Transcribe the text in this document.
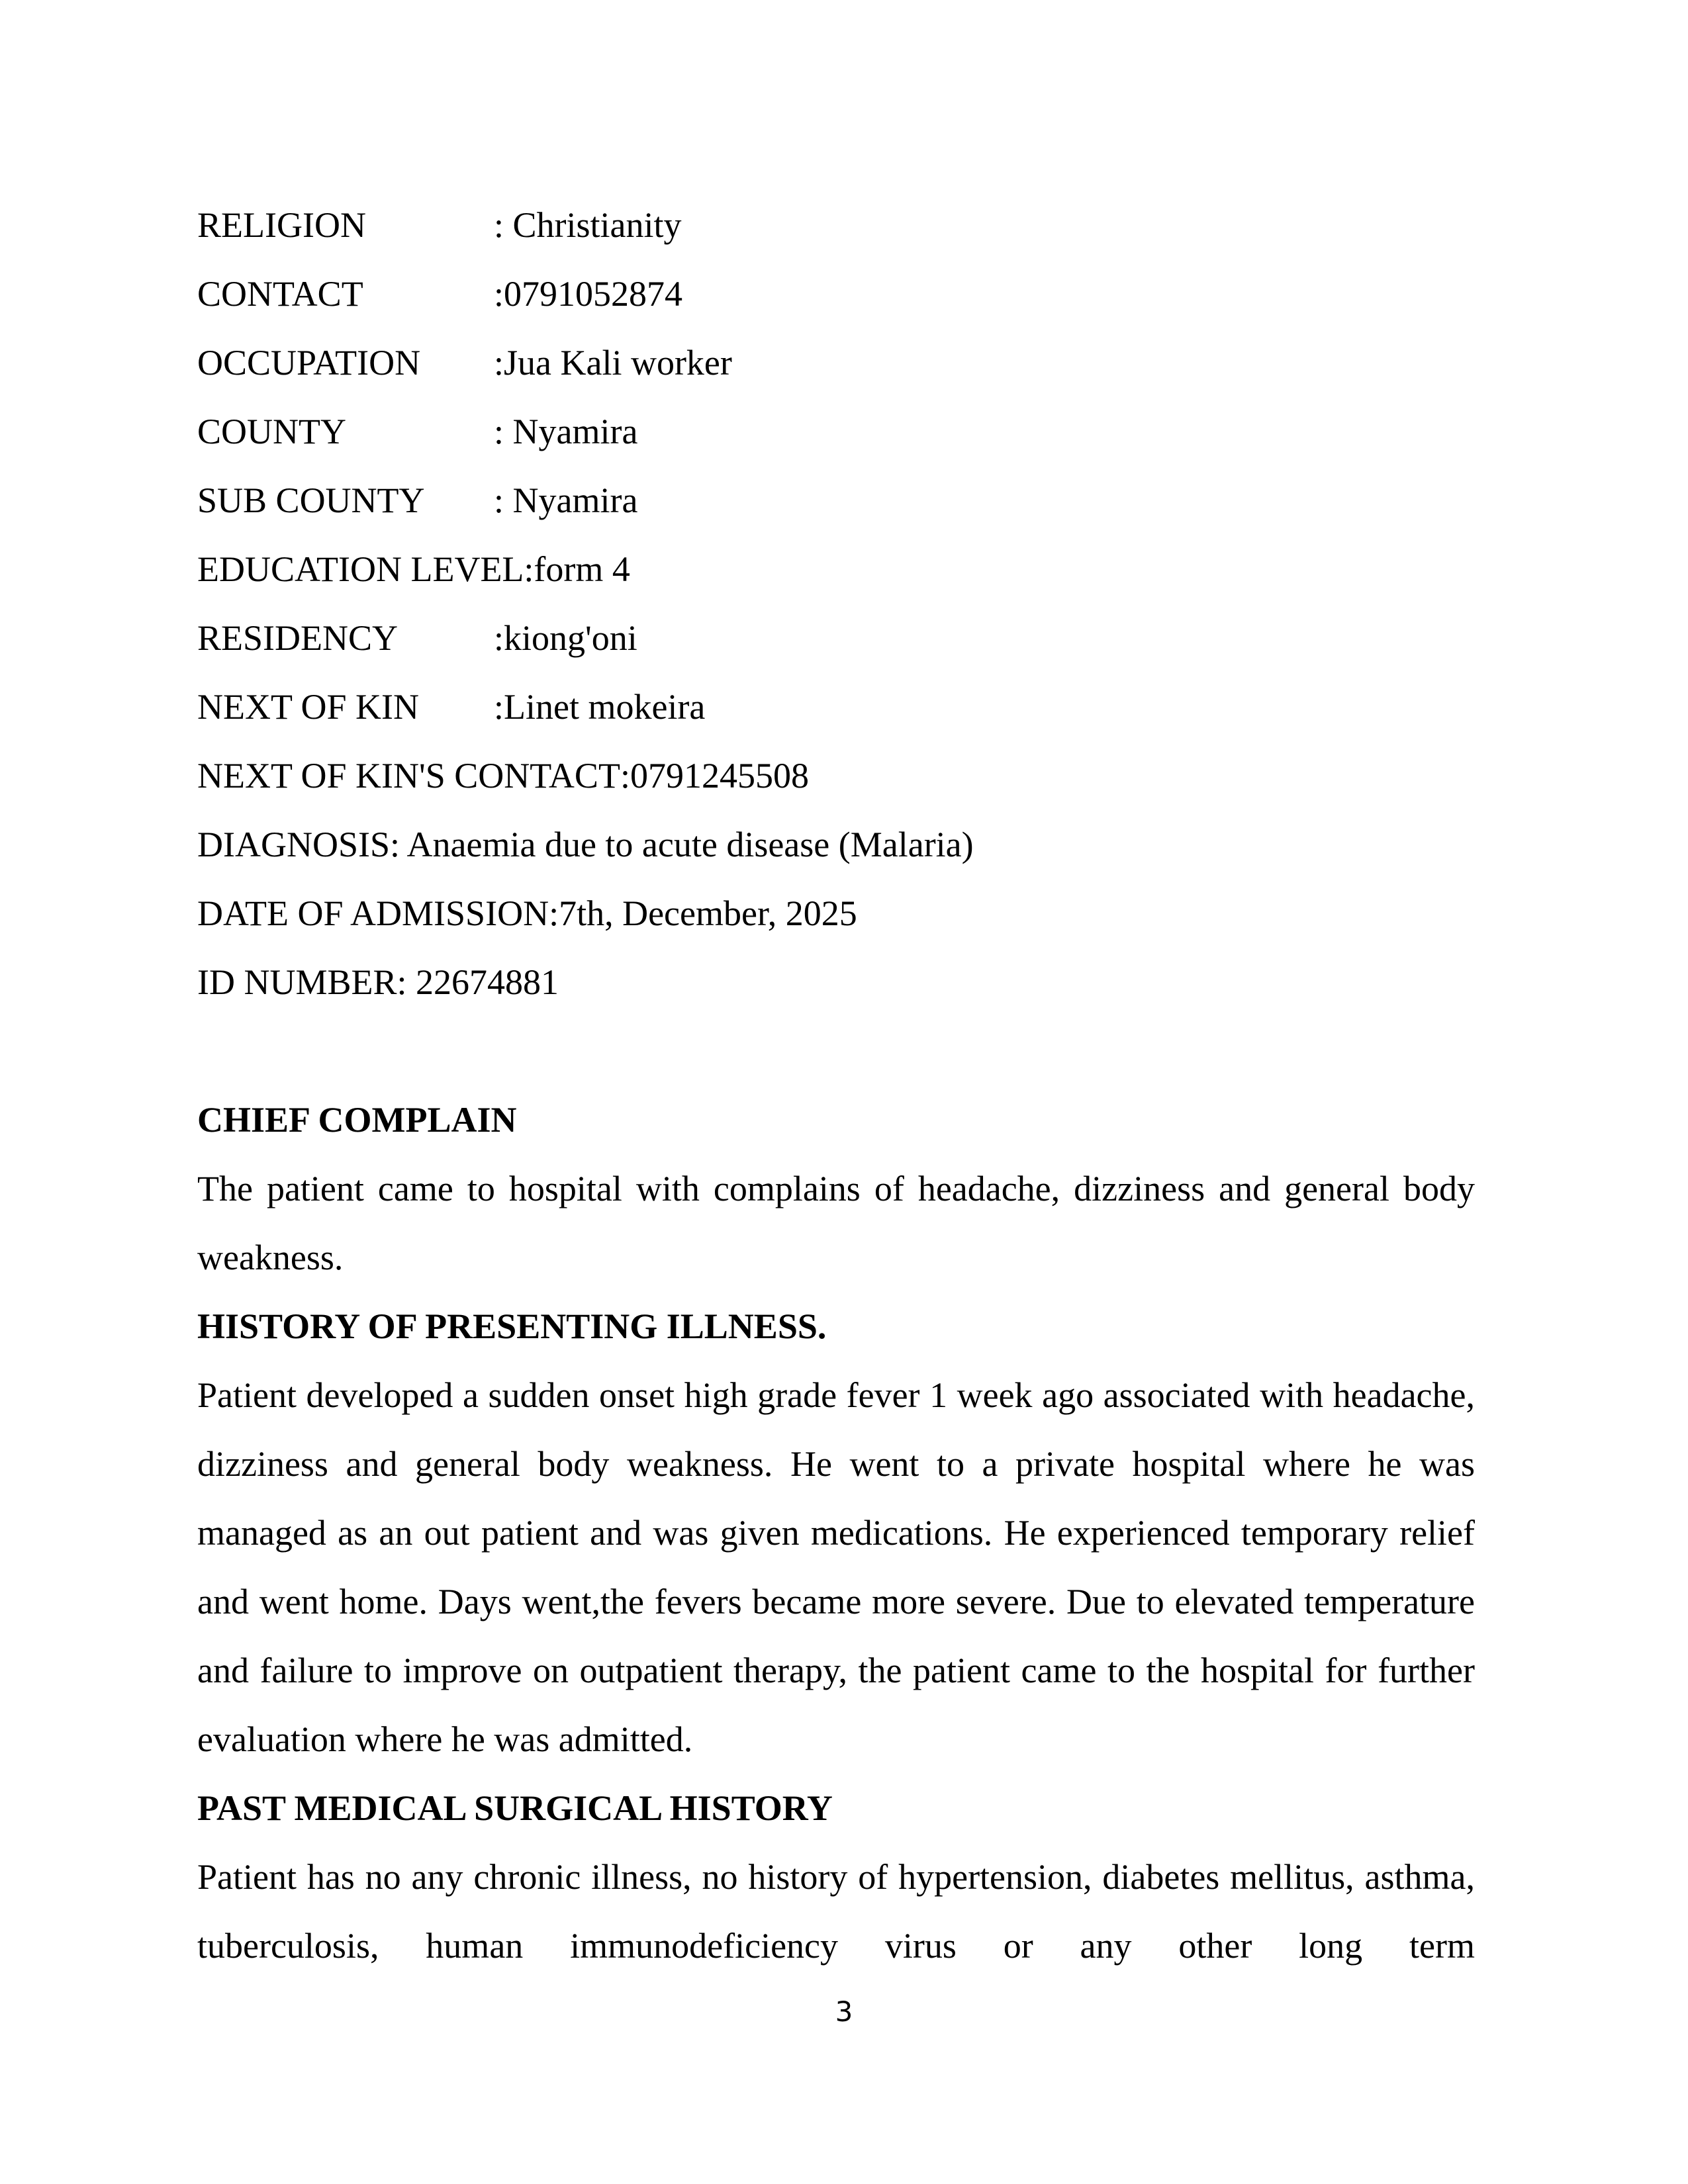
RELIGION	: Christianity
CONTACT	:0791052874
OCCUPATION :Jua Kali worker
COUNTY	: Nyamira
SUB COUNTY : Nyamira
EDUCATION LEVEL:form 4
RESIDENCY	:kiong'oni
NEXT OF KIN :Linet mokeira
NEXT OF KIN'S CONTACT:0791245508
DIAGNOSIS: Anaemia due to acute disease (Malaria)
DATE OF ADMISSION:7th, December, 2025
ID NUMBER: 22674881
CHIEF COMPLAIN

The patient came to hospital with complains of headache, dizziness and general body weakness.

HISTORY OF PRESENTING ILLNESS.

Patient developed a sudden onset high grade fever 1 week ago associated with headache, dizziness and general body weakness. He went to a private hospital where he was managed as an out patient and was given medications. He experienced temporary relief and went home. Days went,the fevers became more severe. Due to elevated temperature and failure to improve on outpatient therapy, the patient came to the hospital for further evaluation where he was admitted.

PAST MEDICAL SURGICAL HISTORY

Patient has no any chronic illness, no history of hypertension, diabetes mellitus, asthma, tuberculosis, human immunodeficiency virus or any other long term

3
